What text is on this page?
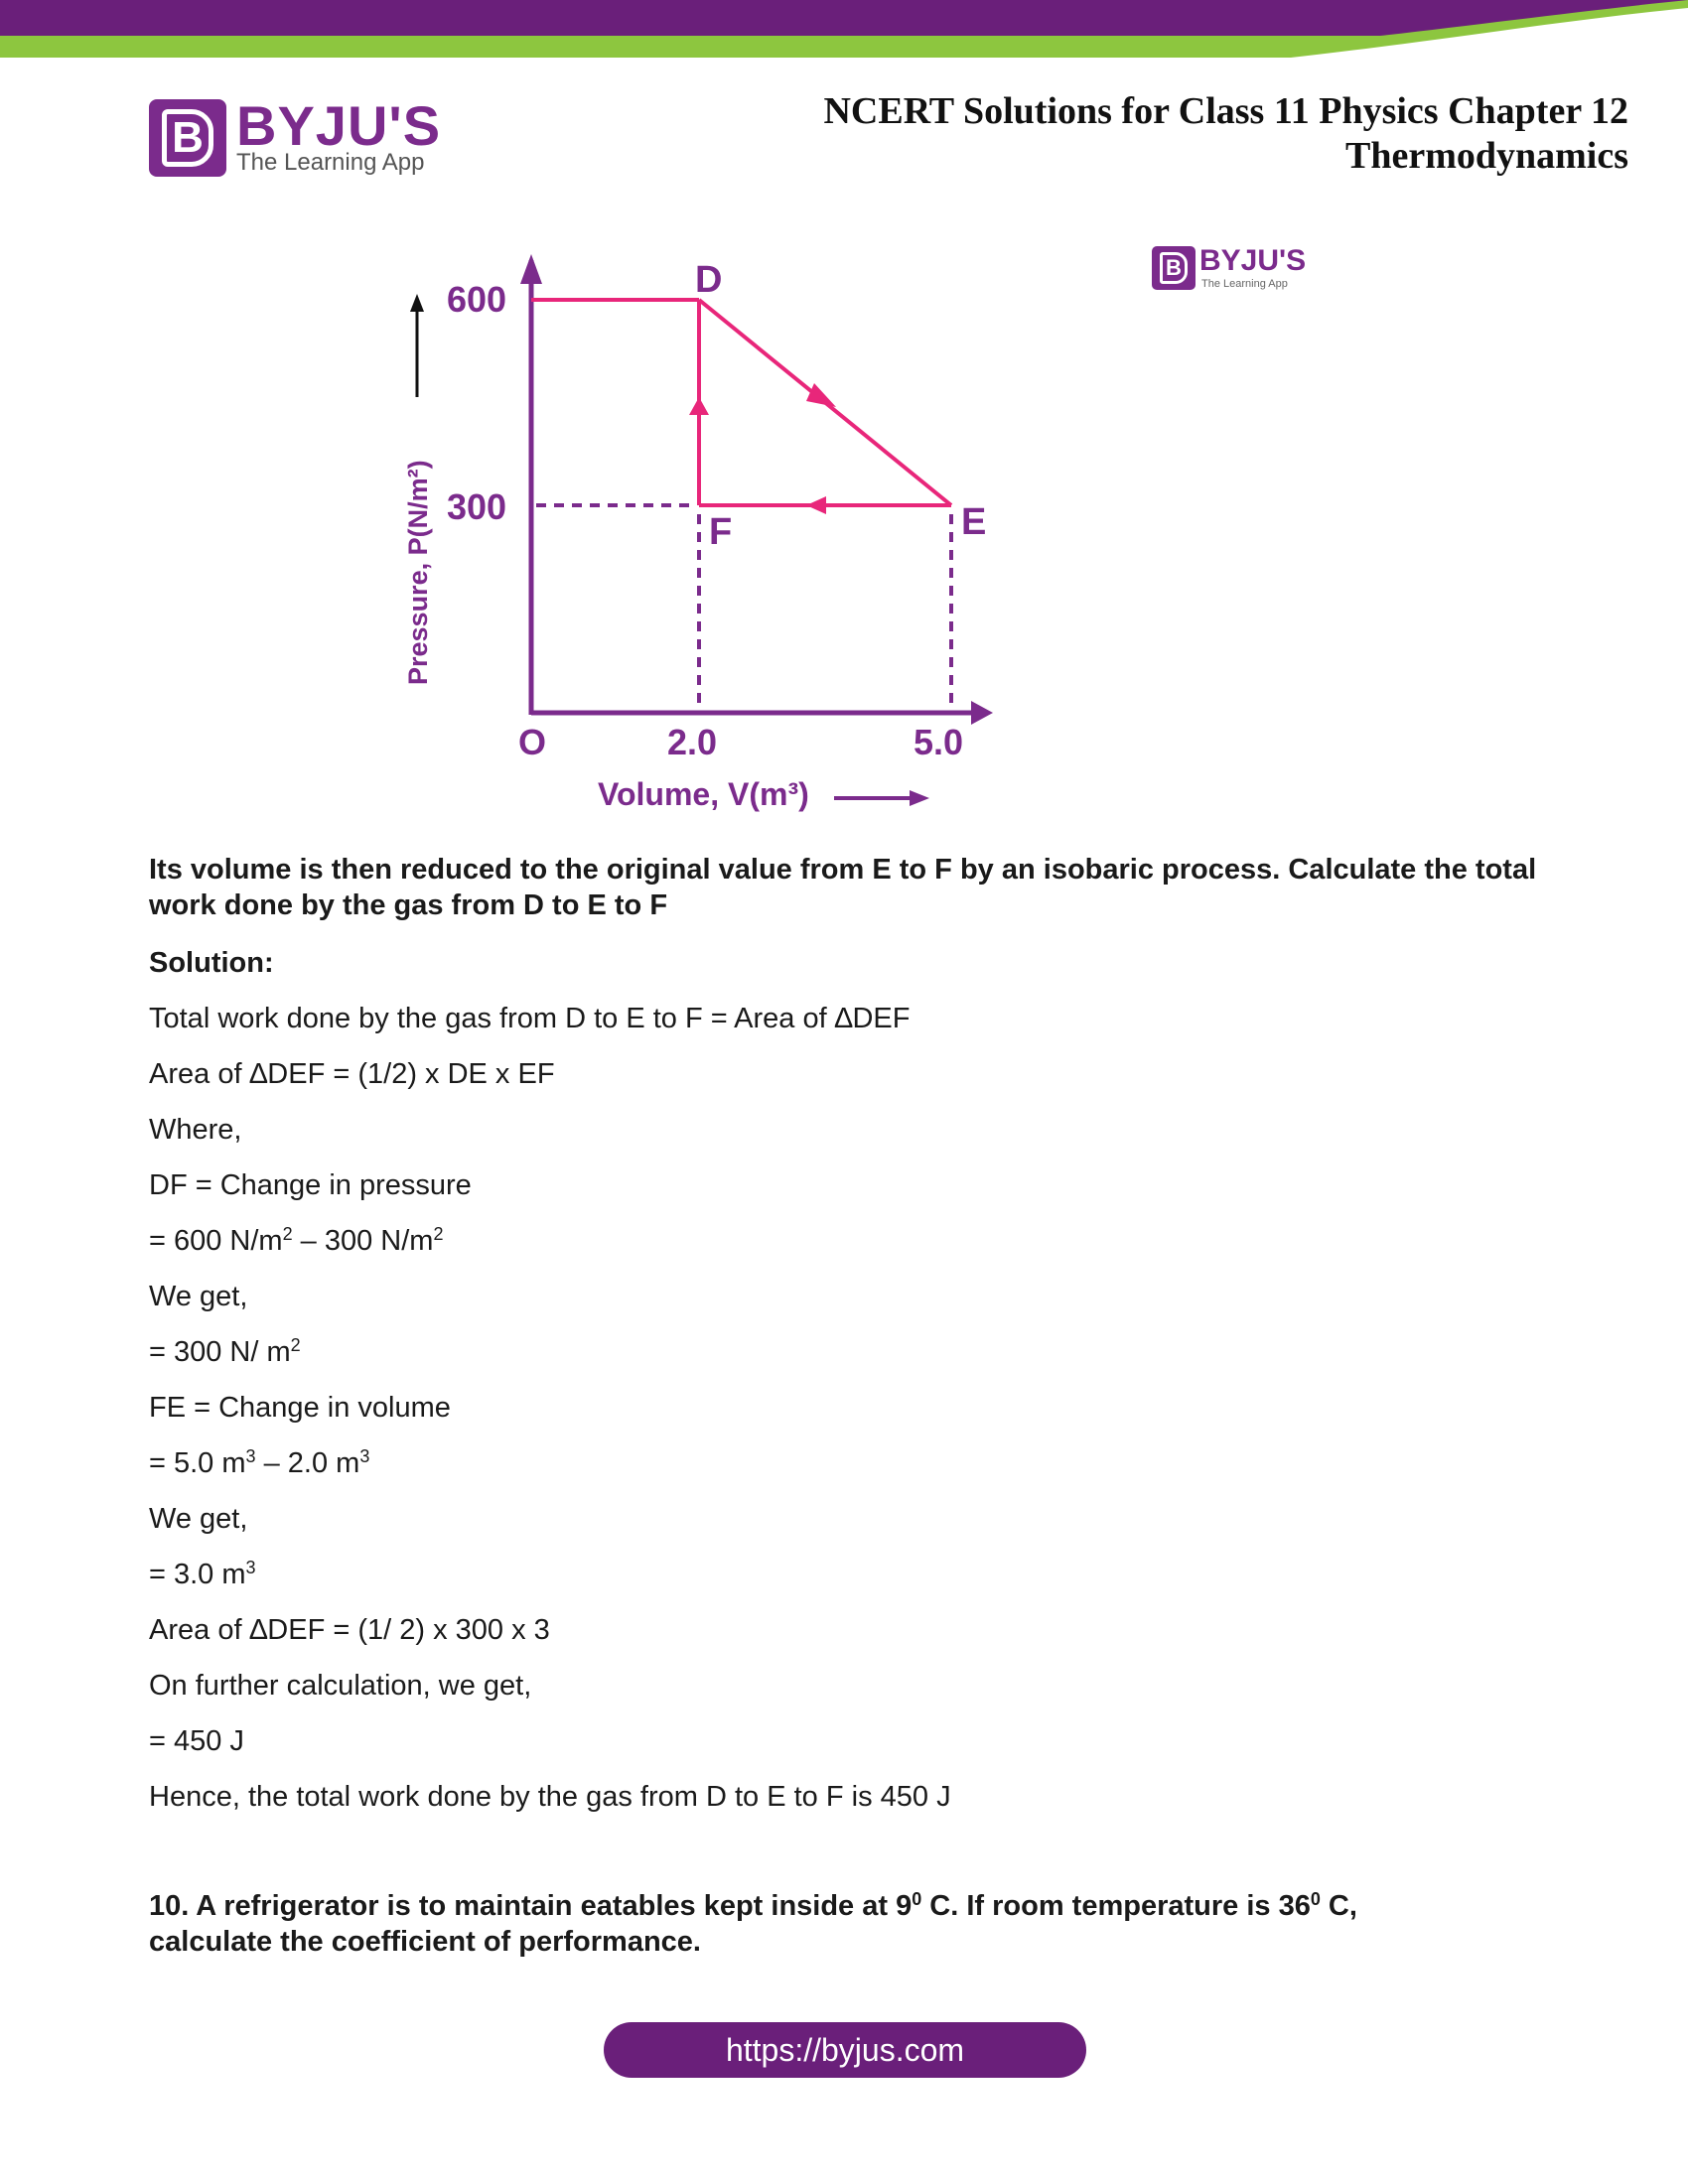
B BYJU'S
The Learning App
NCERT Solutions for Class 11 Physics Chapter 12
Thermodynamics
B BYJU'S
The Learning App
Pressure, P(N/m²)
600
300
O	2.0	5.0
D
E
F
Volume, V(m³)

Its volume is then reduced to the original value from E to F by an isobaric process. Calculate the total work done by the gas from D to E to F

Solution:

Total work done by the gas from D to E to F = Area of ∆DEF
Area of ∆DEF = (1/2) x DE x EF
Where,
DF = Change in pressure
= 600 $N/m^2 - 300$ $N/m^2$
We get,
= 300 N/ $m^2$
FE = Change in volume
= 5.0 $m^3 - 2.0$ $m^3$
We get,
= 3.0 $m^3$
Area of ∆DEF = (1/ 2) x 300 x 3
On further calculation, we get,
= 450 J
Hence, the total work done by the gas from D to E to F is 450 J
10. A refrigerator is to maintain eatables kept inside at $9^0$ C. If room temperature is $36^0$ C,
calculate the coefficient of performance.
https://byjus.com
